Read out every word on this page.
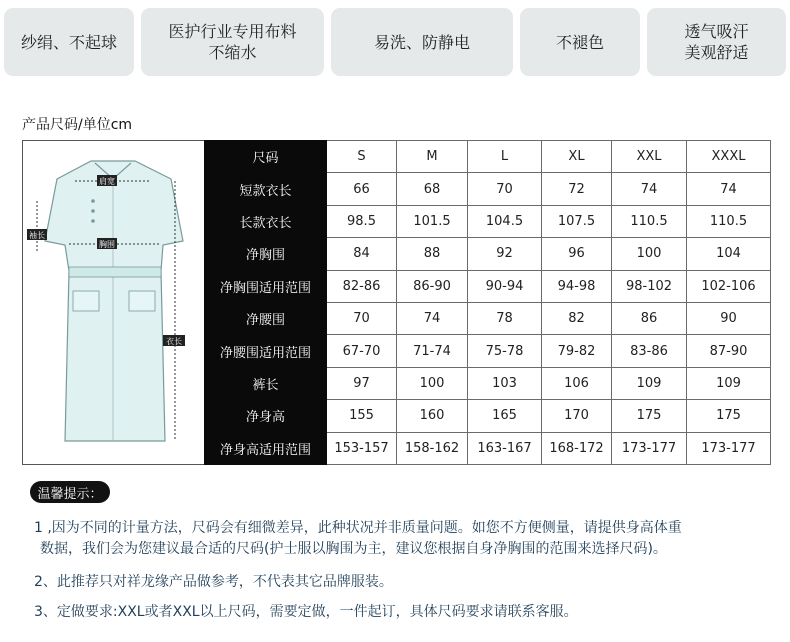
纱绢、不起球
医护行业专用布料
不缩水
易洗、防静电	不褪色
透气吸汗
美观舒适
产品尺码/单位cm
肩宽
袖长
胸围
衣长
尺码	S	M	L	XL	XXL	XXXL
短款衣长	66	68	70	72	74	74
长款衣长	98.5	101.5	104.5	107.5	110.5	110.5
净胸围	84	88	92	96	100	104
净胸围适用范围	82-86	86-90	90-94	94-98	98-102	102-106
净腰围	70	74	78	82	86	90
净腰围适用范围	67-70	71-74	75-78	79-82	83-86	87-90
裤长	97	100	103	106	109	109
净身高	155	160	165	170	175	175
净身高适用范围	153-157	158-162	163-167	168-172	173-177	173-177
温馨提示：
1 ,因为不同的计量方法，尺码会有细微差异，此种状况并非质量问题。如您不方便侧量，请提供身高体重
数据，我们会为您建议最合适的尺码(护士服以胸围为主，建议您根据自身净胸围的范围来选择尺码)。
2、此推荐只对祥龙缘产品做参考，不代表其它品牌服装。
3、定做要求:XXL或者XXL以上尺码，需要定做，一件起订，具体尺码要求请联系客服。
